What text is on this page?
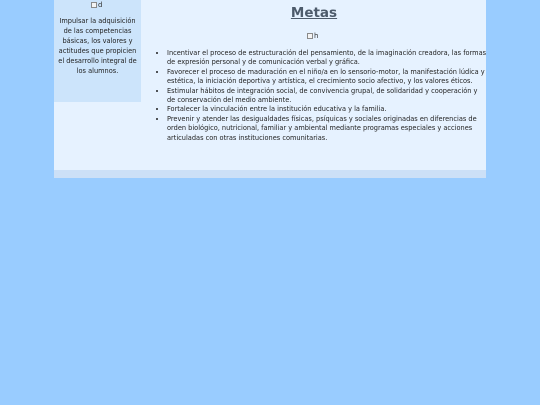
d
Impulsar la adquisición de las competencias básicas, los valores y actitudes que propicien el desarrollo integral de los alumnos.
Metas
h
• Incentivar el proceso de estructuración del pensamiento, de la imaginación creadora, las formas de expresión personal y de comunicación verbal y gráfica.
• Favorecer el proceso de maduración en el niño/a en lo sensorio-motor, la manifestación lúdica y estética, la iniciación deportiva y artística, el crecimiento socio afectivo, y los valores éticos.
• Estimular hábitos de integración social, de convivencia grupal, de solidaridad y cooperación y de conservación del medio ambiente.
• Fortalecer la vinculación entre la institución educativa y la familia.
• Prevenir y atender las desigualdades físicas, psíquicas y sociales originadas en diferencias de orden biológico, nutricional, familiar y ambiental mediante programas especiales y acciones articuladas con otras instituciones comunitarias.
